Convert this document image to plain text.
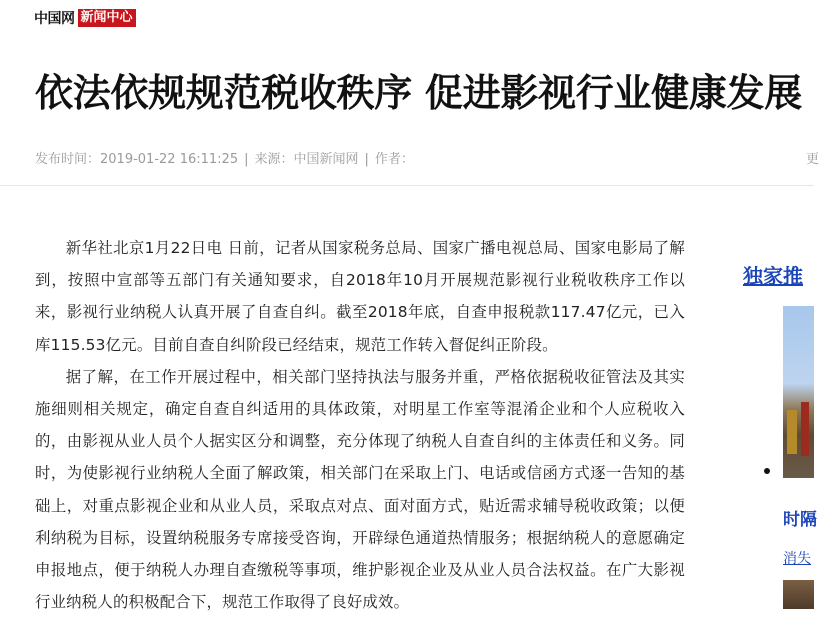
中国网 新闻中心
依法依规规范税收秩序 促进影视行业健康发展
发布时间：2019-01-22 16:11:25 | 来源：中国新闻网 | 作者：	更

新华社北京1月22日电 日前，记者从国家税务总局、国家广播电视总局、国家电影局了解到，按照中宣部等五部门有关通知要求，自2018年10月开展规范影视行业税收秩序工作以来，影视行业纳税人认真开展了自查自纠。截至2018年底，自查申报税款117.47亿元，已入库115.53亿元。目前自查自纠阶段已经结束，规范工作转入督促纠正阶段。

据了解，在工作开展过程中，相关部门坚持执法与服务并重，严格依据税收征管法及其实施细则相关规定，确定自查自纠适用的具体政策，对明星工作室等混淆企业和个人应税收入的，由影视从业人员个人据实区分和调整，充分体现了纳税人自查自纠的主体责任和义务。同时，为使影视行业纳税人全面了解政策，相关部门在采取上门、电话或信函方式逐一告知的基础上，对重点影视企业和从业人员，采取点对点、面对面方式，贴近需求辅导税收政策；以便利纳税为目标，设置纳税服务专席接受咨询，开辟绿色通道热情服务；根据纳税人的意愿确定申报地点，便于纳税人办理自查缴税等事项，维护影视企业及从业人员合法权益。在广大影视行业纳税人的积极配合下，规范工作取得了良好成效。

独家推
时隔
消失
